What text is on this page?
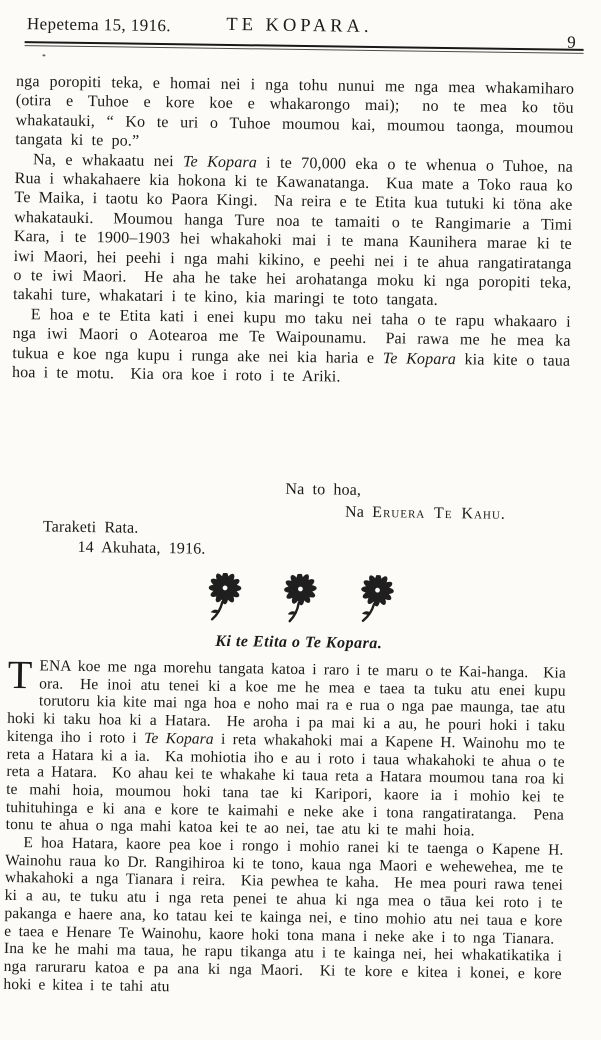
Hepetema 15, 1916.	TE KOPARA.
9
nga poropiti teka, e homai nei i nga tohu nunui me nga mea whakamiharo (otira e Tuhoe e kore koe e whakarongo mai);  no te mea ko töu whakatauki, “ Ko te uri o Tuhoe moumou kai, moumou taonga, moumou tangata ki te po.”
Na, e whakaatu nei Te Kopara i te 70,000 eka o te whenua o Tuhoe, na Rua i whakahaere kia hokona ki te Kawanatanga.  Kua mate a Toko raua ko Te Maika, i taotu ko Paora Kingi.  Na reira e te Etita kua tutuki ki töna ake whakatauki.  Moumou hanga Ture noa te tamaiti o te Rangimarie a Timi Kara, i te 1900–1903 hei whakahoki mai i te mana Kaunihera marae ki te iwi Maori, hei peehi i nga mahi kikino, e peehi nei i te ahua rangatiratanga o te iwi Maori.  He aha he take hei arohatanga moku ki nga poropiti teka, takahi ture, whakatari i te kino, kia maringi te toto tangata.
E hoa e te Etita kati i enei kupu mo taku nei taha o te rapu whakaaro i nga iwi Maori o Aotearoa me Te Waipounamu.  Pai rawa me he mea ka tukua e koe nga kupu i runga ake nei kia haria e Te Kopara kia kite o taua hoa i te motu.  Kia ora koe i roto i te Ariki.
Na to hoa,
Na Eruera Te Kahu.
Taraketi Rata.
14 Akuhata, 1916.
Ki te Etita o Te Kopara.
TENA koe me nga morehu tangata katoa i raro i te maru o te Kai-hanga.  Kia ora.  He inoi atu tenei ki a koe me he mea e taea ta tuku atu enei kupu torutoru kia kite mai nga hoa e noho mai ra e rua o nga pae maunga, tae atu hoki ki taku hoa ki a Hatara.  He aroha i pa mai ki a au, he pouri hoki i taku kitenga iho i roto i Te Kopara i reta whakahoki mai a Kapene H. Wainohu mo te reta a Hatara ki a ia.  Ka mohiotia iho e au i roto i taua whakahoki te ahua o te reta a Hatara.  Ko ahau kei te whakahe ki taua reta a Hatara moumou tana roa ki te mahi hoia, moumou hoki tana tae ki Karipori, kaore ia i mohio kei te tuhituhinga e ki ana e kore te kaimahi e neke ake i tona rangatiratanga.  Pena tonu te ahua o nga mahi katoa kei te ao nei, tae atu ki te mahi hoia.
E hoa Hatara, kaore pea koe i rongo i mohio ranei ki te taenga o Kapene H. Wainohu raua ko Dr. Rangihiroa ki te tono, kaua nga Maori e wehewehea, me te whakahoki a nga Tianara i reira.  Kia pewhea te kaha.  He mea pouri rawa tenei ki a au, te tuku atu i nga reta penei te ahua ki nga mea o tāua kei roto i te pakanga e haere ana, ko tatau kei te kainga nei, e tino mohio atu nei taua e kore e taea e Henare Te Wainohu, kaore hoki tona mana i neke ake i to nga Tianara.  Ina ke he mahi ma taua, he rapu tikanga atu i te kainga nei, hei whakatikatika i nga raruraru katoa e pa ana ki nga Maori.  Ki te kore e kitea i konei, e kore hoki e kitea i te tahi atu
